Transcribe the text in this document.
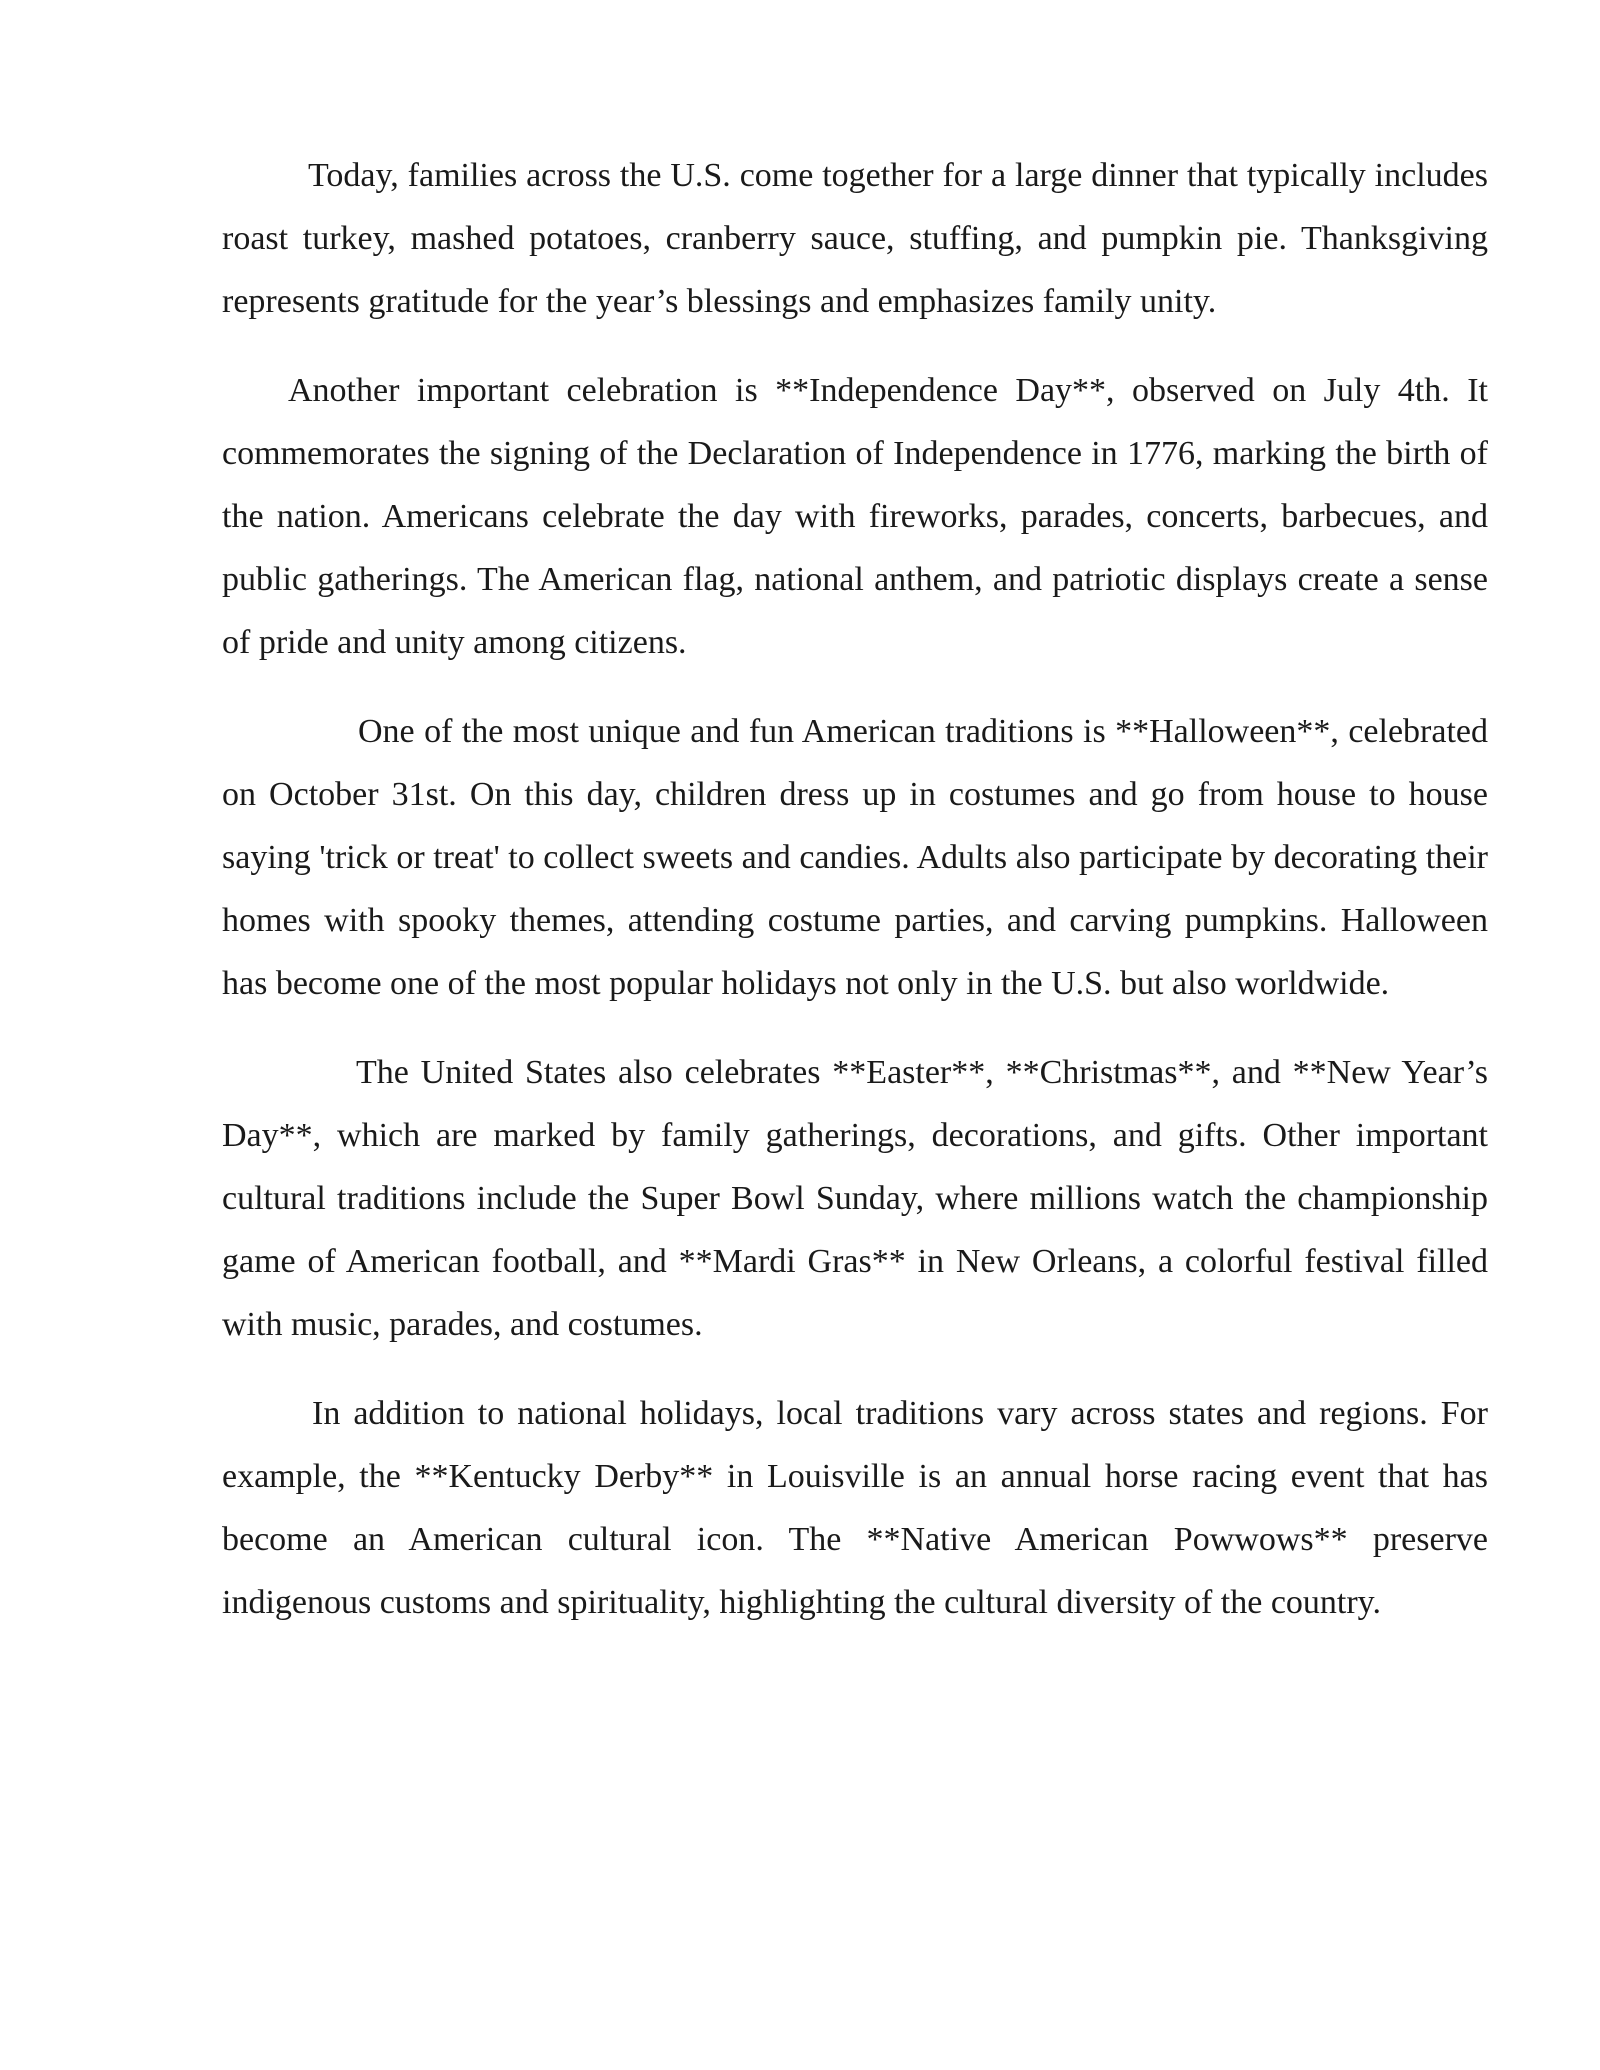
Today, families across the U.S. come together for a large dinner that typically includes roast turkey, mashed potatoes, cranberry sauce, stuffing, and pumpkin pie. Thanksgiving represents gratitude for the year’s blessings and emphasizes family unity.

Another important celebration is **Independence Day**, observed on July 4th. It commemorates the signing of the Declaration of Independence in 1776, marking the birth of the nation. Americans celebrate the day with fireworks, parades, concerts, barbecues, and public gatherings. The American flag, national anthem, and patriotic displays create a sense of pride and unity among citizens.

One of the most unique and fun American traditions is **Halloween**, celebrated on October 31st. On this day, children dress up in costumes and go from house to house saying 'trick or treat' to collect sweets and candies. Adults also participate by decorating their homes with spooky themes, attending costume parties, and carving pumpkins. Halloween has become one of the most popular holidays not only in the U.S. but also worldwide.

The United States also celebrates **Easter**, **Christmas**, and **New Year’s Day**, which are marked by family gatherings, decorations, and gifts. Other important cultural traditions include the Super Bowl Sunday, where millions watch the championship game of American football, and **Mardi Gras** in New Orleans, a colorful festival filled with music, parades, and costumes.

In addition to national holidays, local traditions vary across states and regions. For example, the **Kentucky Derby** in Louisville is an annual horse racing event that has become an American cultural icon. The **Native American Powwows** preserve indigenous customs and spirituality, highlighting the cultural diversity of the country.
